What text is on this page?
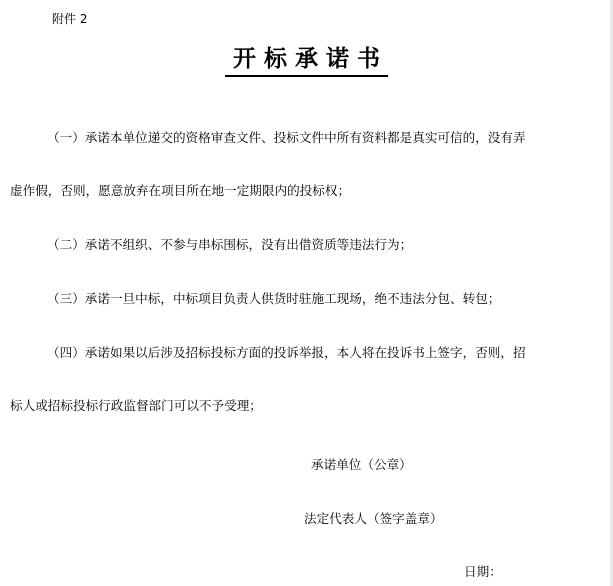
附件 2
开标承诺书
（一）承诺本单位递交的资格审查文件、投标文件中所有资料都是真实可信的，没有弄
虚作假，否则，愿意放弃在项目所在地一定期限内的投标权；
（二）承诺不组织、不参与串标围标，没有出借资质等违法行为；
（三）承诺一旦中标，中标项目负责人供货时驻施工现场，绝不违法分包、转包；
（四）承诺如果以后涉及招标投标方面的投诉举报，本人将在投诉书上签字，否则，招
标人或招标投标行政监督部门可以不予受理；
承诺单位（公章）
法定代表人（签字盖章）
日期：
